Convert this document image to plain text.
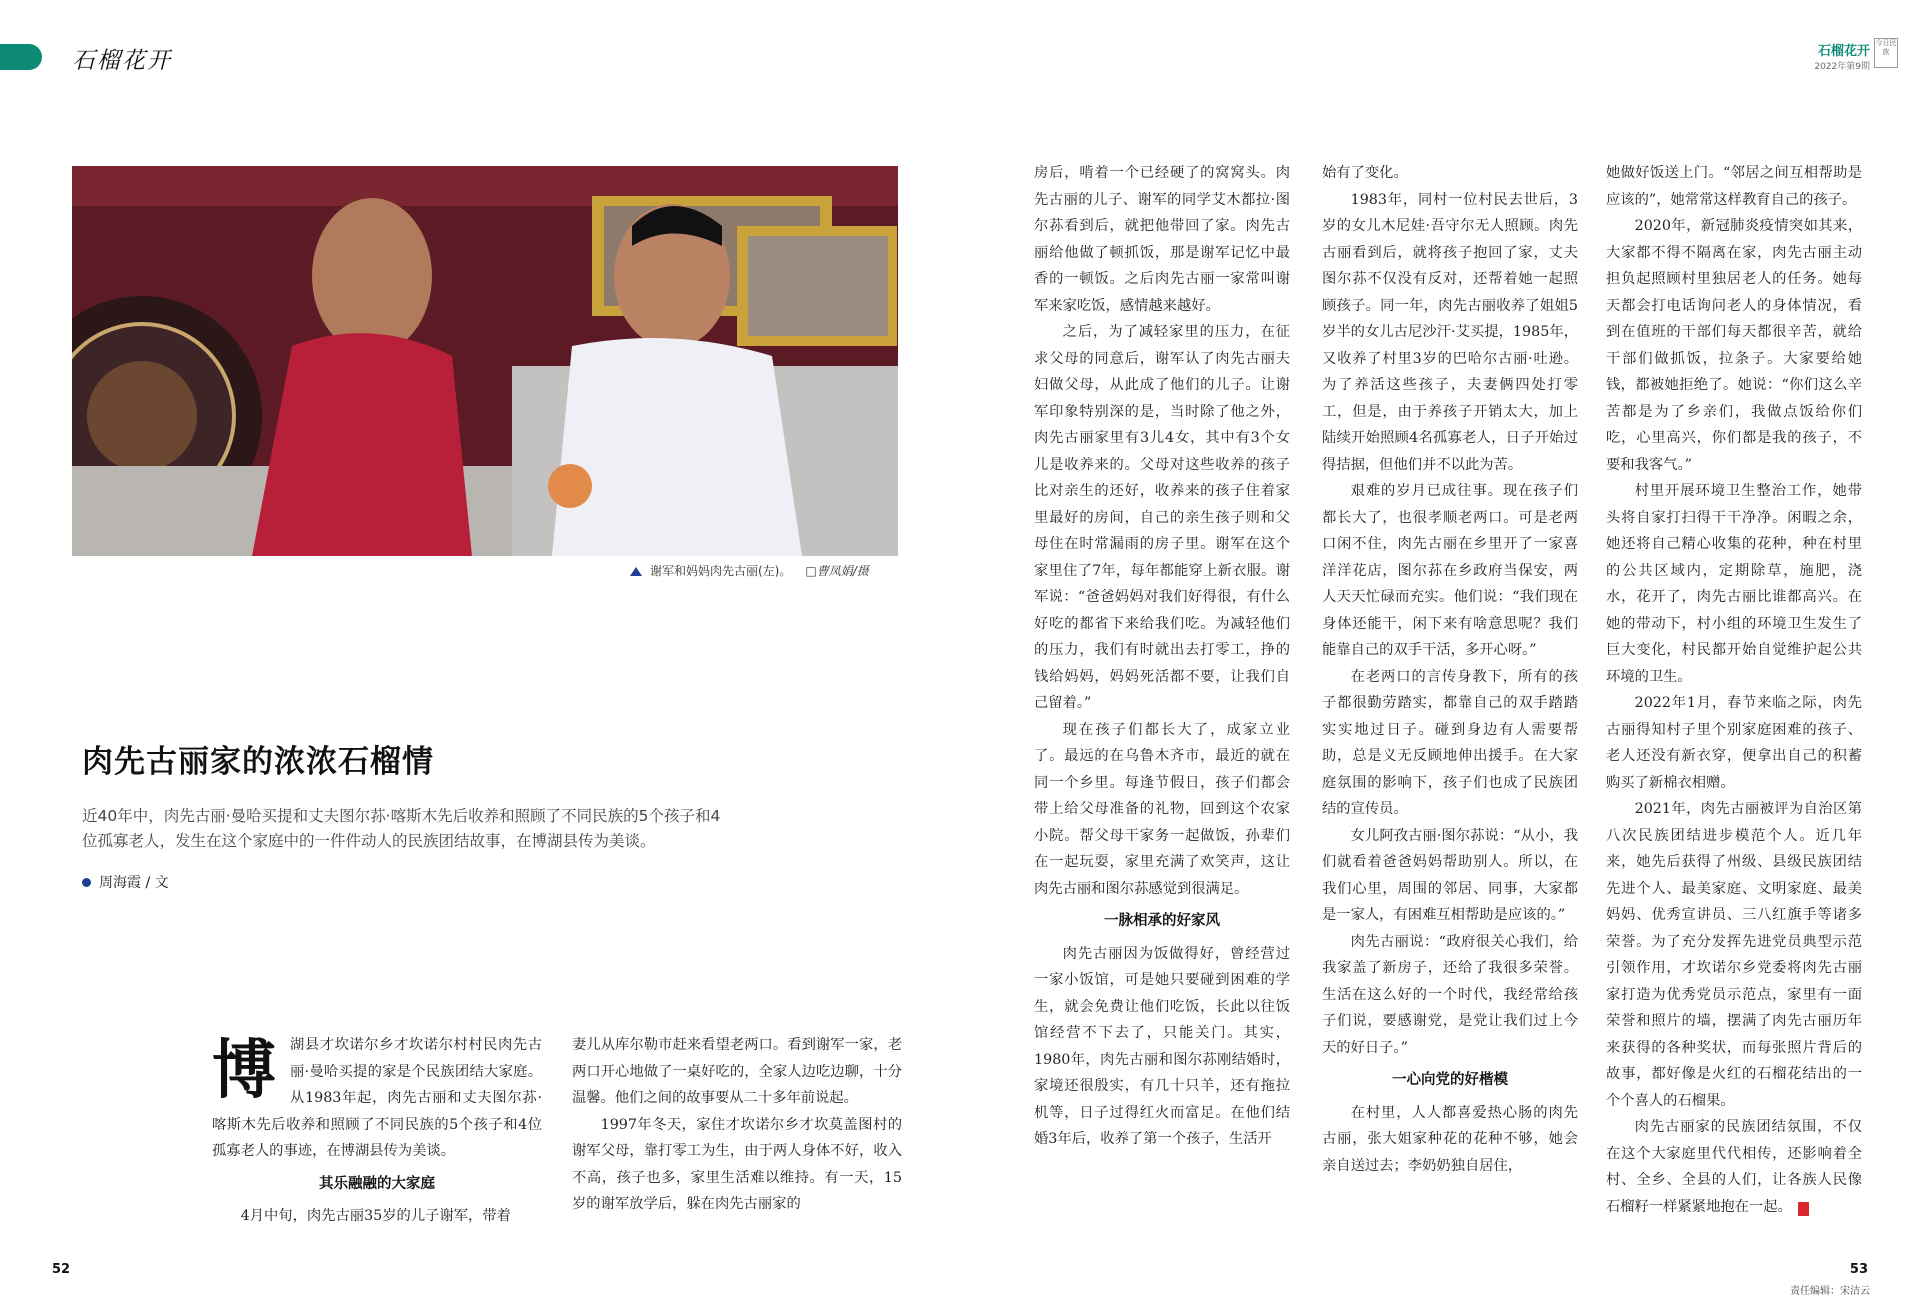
石榴花开	石榴花开
2022年第9期
今日民族
谢军和妈妈肉先古丽(左)。 □曹凤娟/摄
肉先古丽家的浓浓石榴情
近40年中，肉先古丽·曼哈买提和丈夫图尔荪·喀斯木先后收养和照顾了不同民族的5个孩子和4位孤寡老人，发生在这个家庭中的一件件动人的民族团结故事，在博湖县传为美谈。
周海霞 / 文
博 湖县才坎诺尔乡才坎诺尔村村民肉先古丽·曼哈买提的家是个民族团结大家庭。从1983年起，肉先古丽和丈夫图尔荪·喀斯木先后收养和照顾了不同民族的5个孩子和4位孤寡老人的事迹，在博湖县传为美谈。

其乐融融的大家庭

4月中旬，肉先古丽35岁的儿子谢军，带着

妻儿从库尔勒市赶来看望老两口。看到谢军一家，老两口开心地做了一桌好吃的，全家人边吃边聊，十分温馨。他们之间的故事要从二十多年前说起。

1997年冬天，家住才坎诺尔乡才坎莫盖图村的谢军父母，靠打零工为生，由于两人身体不好，收入不高，孩子也多，家里生活难以维持。有一天，15岁的谢军放学后，躲在肉先古丽家的

房后，啃着一个已经硬了的窝窝头。肉先古丽的儿子、谢军的同学艾木都拉·图尔荪看到后，就把他带回了家。肉先古丽给他做了顿抓饭，那是谢军记忆中最香的一顿饭。之后肉先古丽一家常叫谢军来家吃饭，感情越来越好。

之后，为了减轻家里的压力，在征求父母的同意后，谢军认了肉先古丽夫妇做父母，从此成了他们的儿子。让谢军印象特别深的是，当时除了他之外，肉先古丽家里有3儿4女，其中有3个女儿是收养来的。父母对这些收养的孩子比对亲生的还好，收养来的孩子住着家里最好的房间，自己的亲生孩子则和父母住在时常漏雨的房子里。谢军在这个家里住了7年，每年都能穿上新衣服。谢军说：“爸爸妈妈对我们好得很，有什么好吃的都省下来给我们吃。为减轻他们的压力，我们有时就出去打零工，挣的钱给妈妈，妈妈死活都不要，让我们自己留着。”

现在孩子们都长大了，成家立业了。最远的在乌鲁木齐市，最近的就在同一个乡里。每逢节假日，孩子们都会带上给父母准备的礼物，回到这个农家小院。帮父母干家务一起做饭，孙辈们在一起玩耍，家里充满了欢笑声，这让肉先古丽和图尔荪感觉到很满足。

一脉相承的好家风

肉先古丽因为饭做得好，曾经营过一家小饭馆，可是她只要碰到困难的学生，就会免费让他们吃饭，长此以往饭馆经营不下去了，只能关门。其实，1980年，肉先古丽和图尔荪刚结婚时，家境还很殷实，有几十只羊，还有拖拉机等，日子过得红火而富足。在他们结婚3年后，收养了第一个孩子，生活开

始有了变化。

1983年，同村一位村民去世后，3岁的女儿木尼娃·吾守尔无人照顾。肉先古丽看到后，就将孩子抱回了家，丈夫图尔荪不仅没有反对，还帮着她一起照顾孩子。同一年，肉先古丽收养了姐姐5岁半的女儿古尼沙汗·艾买提，1985年，又收养了村里3岁的巴哈尔古丽·吐逊。为了养活这些孩子，夫妻俩四处打零工，但是，由于养孩子开销太大，加上陆续开始照顾4名孤寡老人，日子开始过得拮据，但他们并不以此为苦。

艰难的岁月已成往事。现在孩子们都长大了，也很孝顺老两口。可是老两口闲不住，肉先古丽在乡里开了一家喜洋洋花店，图尔荪在乡政府当保安，两人天天忙碌而充实。他们说：“我们现在身体还能干，闲下来有啥意思呢？我们能靠自己的双手干活，多开心呀。”

在老两口的言传身教下，所有的孩子都很勤劳踏实，都靠自己的双手踏踏实实地过日子。碰到身边有人需要帮助，总是义无反顾地伸出援手。在大家庭氛围的影响下，孩子们也成了民族团结的宣传员。

女儿阿孜古丽·图尔荪说：“从小，我们就看着爸爸妈妈帮助别人。所以，在我们心里，周围的邻居、同事，大家都是一家人，有困难互相帮助是应该的。”

肉先古丽说：“政府很关心我们，给我家盖了新房子，还给了我很多荣誉。生活在这么好的一个时代，我经常给孩子们说，要感谢党，是党让我们过上今天的好日子。”

一心向党的好楷模

在村里，人人都喜爱热心肠的肉先古丽，张大姐家种花的花种不够，她会亲自送过去；李奶奶独自居住，

她做好饭送上门。“邻居之间互相帮助是应该的”，她常常这样教育自己的孩子。

2020年，新冠肺炎疫情突如其来，大家都不得不隔离在家，肉先古丽主动担负起照顾村里独居老人的任务。她每天都会打电话询问老人的身体情况，看到在值班的干部们每天都很辛苦，就给干部们做抓饭，拉条子。大家要给她钱，都被她拒绝了。她说：“你们这么辛苦都是为了乡亲们，我做点饭给你们吃，心里高兴，你们都是我的孩子，不要和我客气。”

村里开展环境卫生整治工作，她带头将自家打扫得干干净净。闲暇之余，她还将自己精心收集的花种，种在村里的公共区域内，定期除草，施肥，浇水，花开了，肉先古丽比谁都高兴。在她的带动下，村小组的环境卫生发生了巨大变化，村民都开始自觉维护起公共环境的卫生。

2022年1月，春节来临之际，肉先古丽得知村子里个别家庭困难的孩子、老人还没有新衣穿，便拿出自己的积蓄购买了新棉衣相赠。

2021年，肉先古丽被评为自治区第八次民族团结进步模范个人。近几年来，她先后获得了州级、县级民族团结先进个人、最美家庭、文明家庭、最美妈妈、优秀宣讲员、三八红旗手等诸多荣誉。为了充分发挥先进党员典型示范引领作用，才坎诺尔乡党委将肉先古丽家打造为优秀党员示范点，家里有一面荣誉和照片的墙，摆满了肉先古丽历年来获得的各种奖状，而每张照片背后的故事，都好像是火红的石榴花结出的一个个喜人的石榴果。

肉先古丽家的民族团结氛围，不仅在这个大家庭里代代相传，还影响着全村、全乡、全县的人们，让各族人民像石榴籽一样紧紧地抱在一起。	J

52	53
责任编辑：宋洁云
